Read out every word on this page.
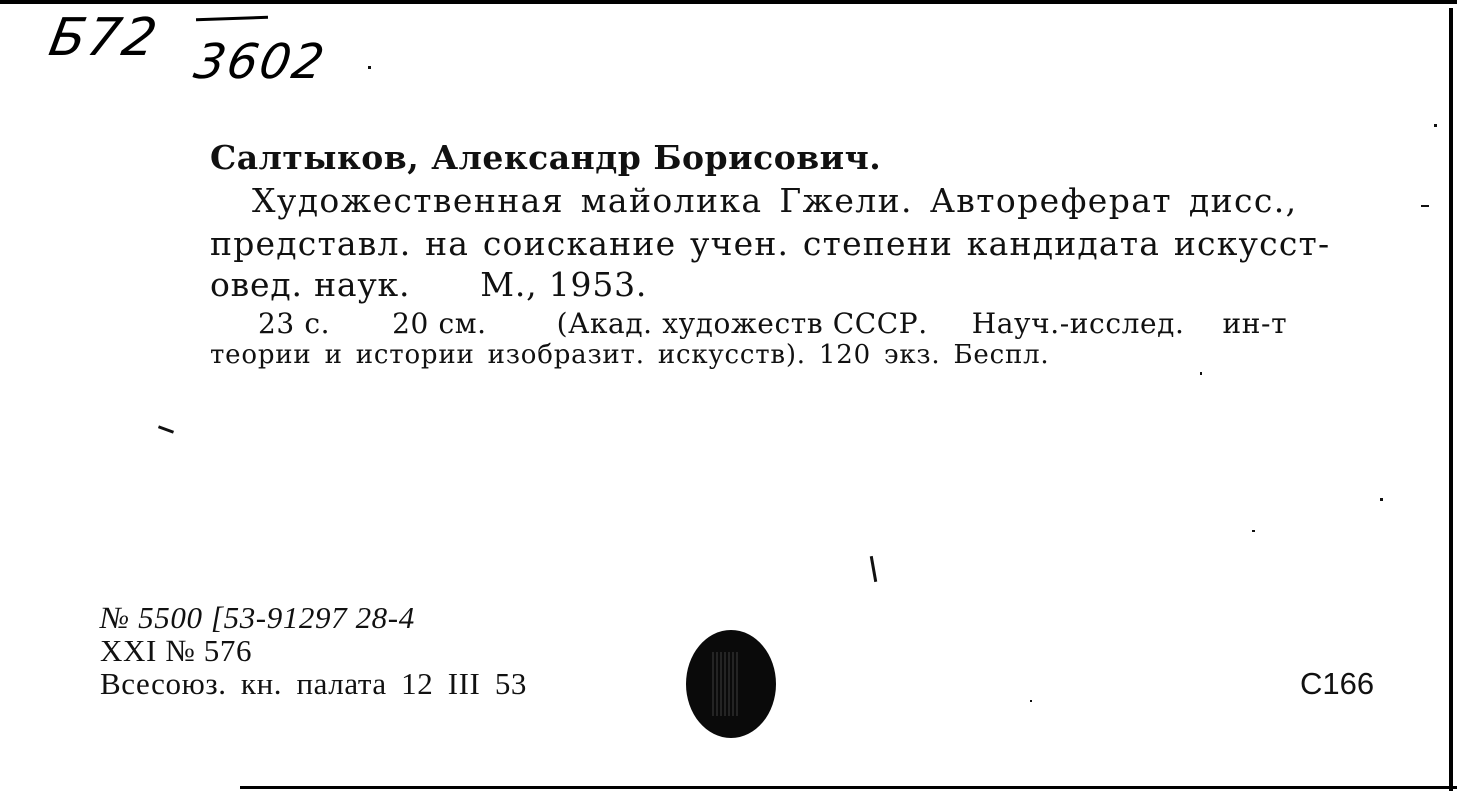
Б72 3602

Салтыков, Александр Борисович.

Художественная майолика Гжели. Автореферат дисс.,

представл. на соискание учен. степени кандидата искусст-

овед. наук. М., 1953.

23 с. 20 см.	(Акад. художеств СССР. Науч.-исслед. ин-т

теории и истории изобразит. искусств). 120 экз. Беспл.

№ 5500 [53-91297 28-4

XXI № 576

Всесоюз. кн. палата 12 III 53	С166
